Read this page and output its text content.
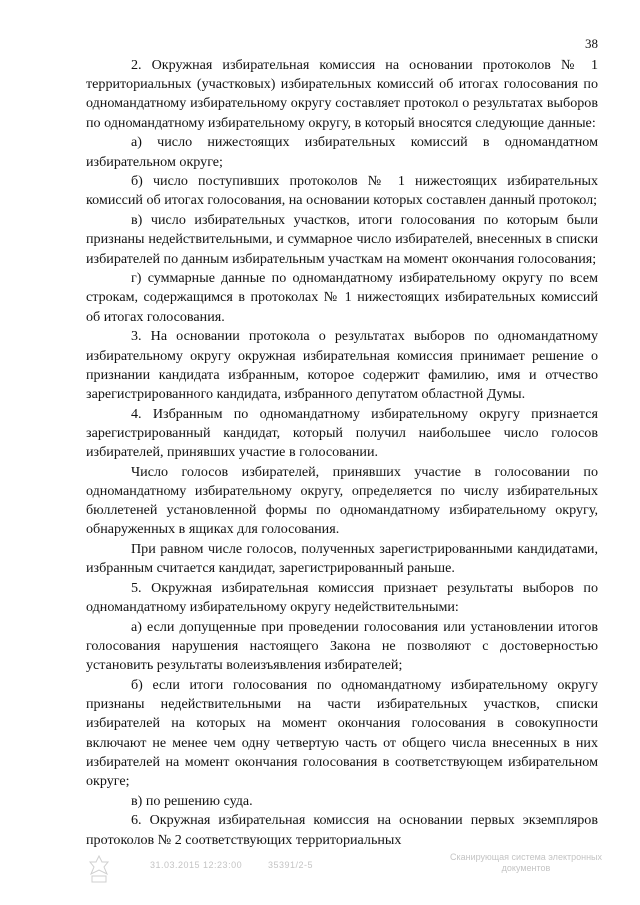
38

2. Окружная избирательная комиссия на основании протоколов № 1 территориальных (участковых) избирательных комиссий об итогах голосования по одномандатному избирательному округу составляет протокол о результатах выборов по одномандатному избирательному округу, в который вносятся следующие данные:

а) число нижестоящих избирательных комиссий в одномандатном избирательном округе;

б) число поступивших протоколов № 1 нижестоящих избирательных комиссий об итогах голосования, на основании которых составлен данный протокол;

в) число избирательных участков, итоги голосования по которым были признаны недействительными, и суммарное число избирателей, внесенных в списки избирателей по данным избирательным участкам на момент окончания голосования;

г) суммарные данные по одномандатному избирательному округу по всем строкам, содержащимся в протоколах № 1 нижестоящих избирательных комиссий об итогах голосования.

3. На основании протокола о результатах выборов по одномандатному избирательному округу окружная избирательная комиссия принимает решение о признании кандидата избранным, которое содержит фамилию, имя и отчество зарегистрированного кандидата, избранного депутатом областной Думы.

4. Избранным по одномандатному избирательному округу признается зарегистрированный кандидат, который получил наибольшее число голосов избирателей, принявших участие в голосовании.

Число голосов избирателей, принявших участие в голосовании по одномандатному избирательному округу, определяется по числу избирательных бюллетеней установленной формы по одномандатному избирательному округу, обнаруженных в ящиках для голосования.

При равном числе голосов, полученных зарегистрированными кандидатами, избранным считается кандидат, зарегистрированный раньше.

5. Окружная избирательная комиссия признает результаты выборов по одномандатному избирательному округу недействительными:

а) если допущенные при проведении голосования или установлении итогов голосования нарушения настоящего Закона не позволяют с достоверностью установить результаты волеизъявления избирателей;

б) если итоги голосования по одномандатному избирательному округу признаны недействительными на части избирательных участков, списки избирателей на которых на момент окончания голосования в совокупности включают не менее чем одну четвертую часть от общего числа внесенных в них избирателей на момент окончания голосования в соответствующем избирательном округе;

в) по решению суда.

6. Окружная избирательная комиссия на основании первых экземпляров протоколов № 2 соответствующих территориальных

31.03.2015 12:23:00	35391/2-5
Сканирующая система электронных документов
